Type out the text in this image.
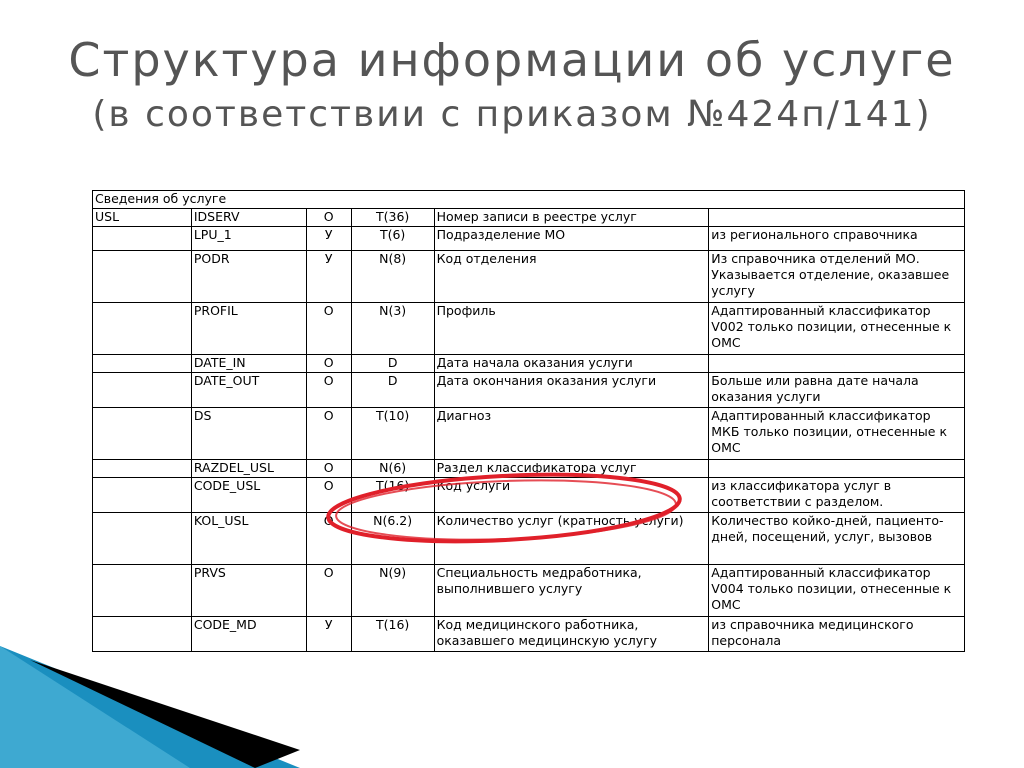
Структура информации об услуге
(в соответствии с приказом №424п/141)
Сведения об услуге					
USL	IDSERV	О	T(36)	Номер записи в реестре услуг	
	LPU_1	У	T(6)	Подразделение МО	из регионального справочника
	PODR	У	N(8)	Код отделения	Из справочника отделений МО. Указывается отделение, оказавшее услугу
	PROFIL	О	N(3)	Профиль	Адаптированный классификатор V002 только позиции, отнесенные к ОМС
	DATE_IN	О	D	Дата начала оказания услуги	
	DATE_OUT	О	D	Дата окончания оказания услуги	Больше или равна дате начала оказания услуги
	DS	О	T(10)	Диагноз	Адаптированный классификатор МКБ только позиции, отнесенные к ОМС
	RAZDEL_USL	О	N(6)	Раздел классификатора услуг	
	CODE_USL	О	T(16)	Код услуги	из классификатора услуг в соответствии с разделом.
	KOL_USL	О	N(6.2)	Количество услуг (кратность услуги)	Количество койко-дней, пациенто-дней, посещений, услуг, вызовов
	PRVS	О	N(9)	Специальность медработника, выполнившего услугу	Адаптированный классификатор V004 только позиции, отнесенные к ОМС
	CODE_MD	У	T(16)	Код медицинского работника, оказавшего медицинскую услугу	из справочника медицинского персонала
